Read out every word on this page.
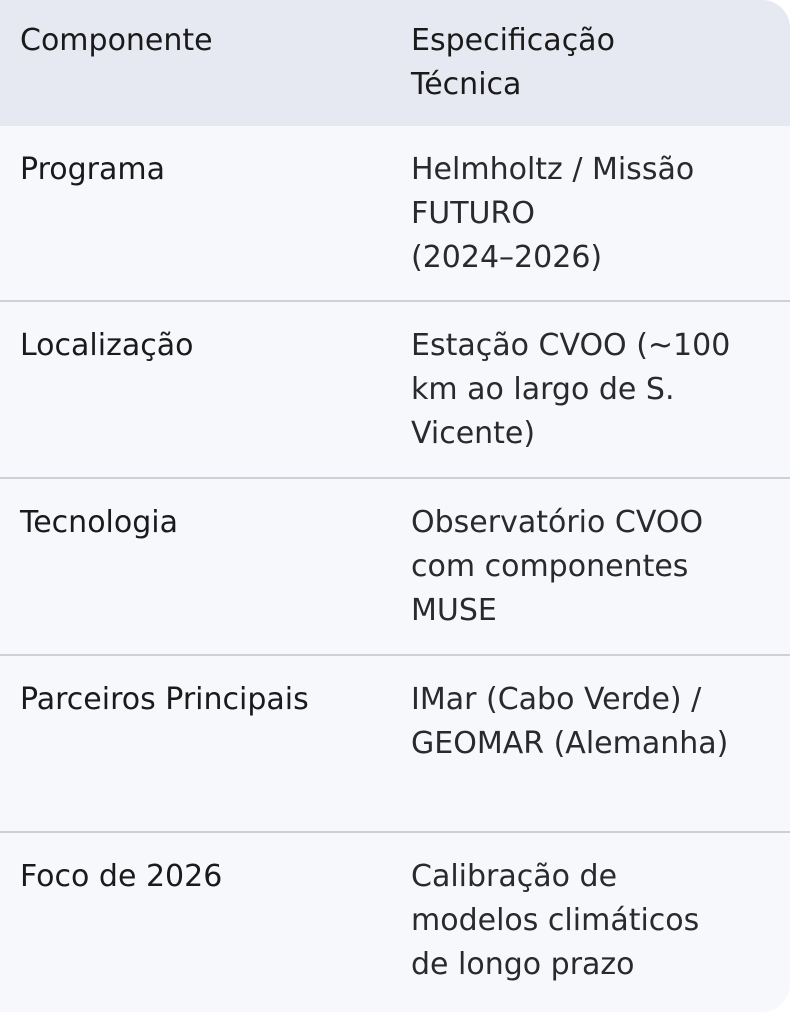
Componente	Especificação
Técnica
Programa	Helmholtz / Missão
FUTURO
(2024–2026)
Localização	Estação CVOO (~100
km ao largo de S.
Vicente)
Tecnologia	Observatório CVOO
com componentes
MUSE
Parceiros Principais	IMar (Cabo Verde) /
GEOMAR (Alemanha)
Foco de 2026	Calibração de
modelos climáticos
de longo prazo
